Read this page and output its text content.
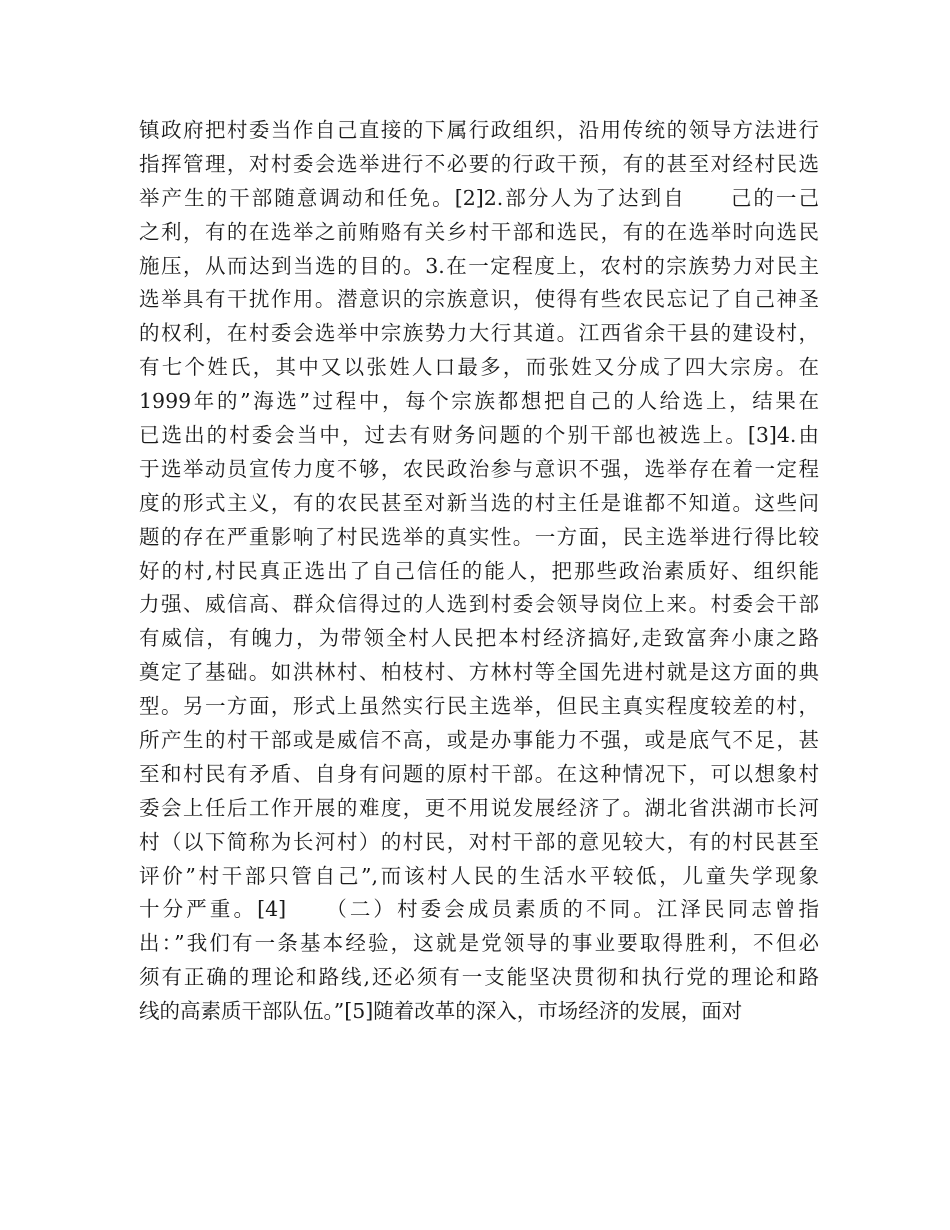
镇政府把村委当作自己直接的下属行政组织，沿用传统的领导方法进行
指挥管理，对村委会选举进行不必要的行政干预，有的甚至对经村民选
举产生的干部随意调动和任免。[2]2.部分人为了达到自　　己的一己
之利，有的在选举之前贿赂有关乡村干部和选民，有的在选举时向选民
施压，从而达到当选的目的。3.在一定程度上，农村的宗族势力对民主
选举具有干扰作用。潜意识的宗族意识，使得有些农民忘记了自己神圣
的权利，在村委会选举中宗族势力大行其道。江西省余干县的建设村，
有七个姓氏，其中又以张姓人口最多，而张姓又分成了四大宗房。在
1999年的”海选”过程中，每个宗族都想把自己的人给选上，结果在
已选出的村委会当中，过去有财务问题的个别干部也被选上。[3]4.由
于选举动员宣传力度不够，农民政治参与意识不强，选举存在着一定程
度的形式主义，有的农民甚至对新当选的村主任是谁都不知道。这些问
题的存在严重影响了村民选举的真实性。一方面，民主选举进行得比较
好的村,村民真正选出了自己信任的能人，把那些政治素质好、组织能
力强、威信高、群众信得过的人选到村委会领导岗位上来。村委会干部
有威信，有魄力，为带领全村人民把本村经济搞好,走致富奔小康之路
奠定了基础。如洪林村、柏枝村、方林村等全国先进村就是这方面的典
型。另一方面，形式上虽然实行民主选举，但民主真实程度较差的村，
所产生的村干部或是威信不高，或是办事能力不强，或是底气不足，甚
至和村民有矛盾、自身有问题的原村干部。在这种情况下，可以想象村
委会上任后工作开展的难度，更不用说发展经济了。湖北省洪湖市长河
村（以下简称为长河村）的村民，对村干部的意见较大，有的村民甚至
评价”村干部只管自己”,而该村人民的生活水平较低，儿童失学现象
十分严重。[4]　　（二）村委会成员素质的不同。江泽民同志曾指
出：”我们有一条基本经验，这就是党领导的事业要取得胜利，不但必
须有正确的理论和路线,还必须有一支能坚决贯彻和执行党的理论和路
线的高素质干部队伍。”[5]随着改革的深入，市场经济的发展，面对
